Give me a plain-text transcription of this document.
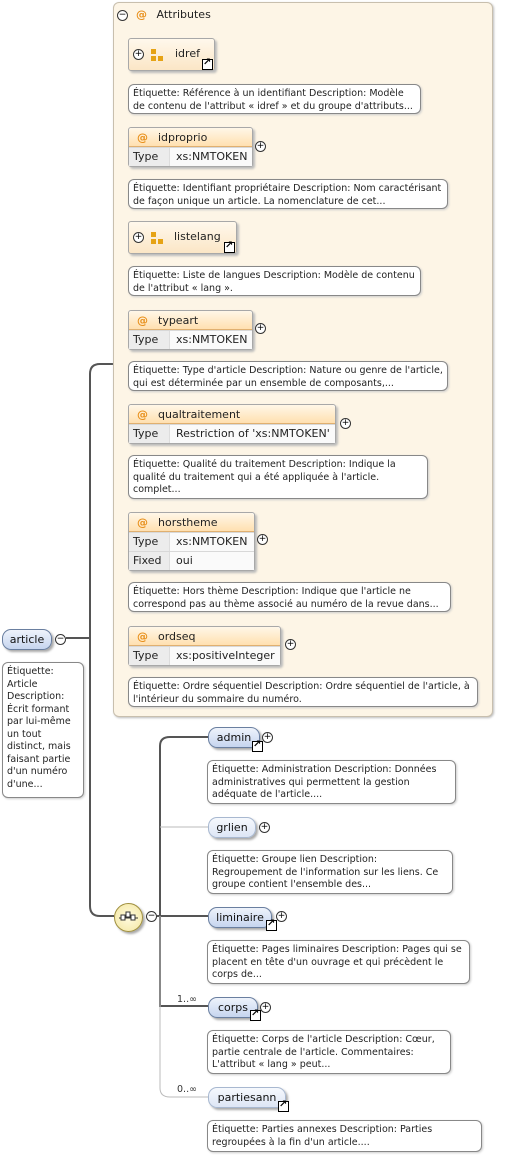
− @ Attributes
+	idref
↗
Étiquette: Référence à un identifiant Description: Modèle de contenu de l'attribut « idref » et du groupe d'attributs...
@ idproprio
Type	xs:NMTOKEN
+
Étiquette: Identifiant propriétaire Description: Nom caractérisant de façon unique un article. La nomenclature de cet...
+	listelang
↗
Étiquette: Liste de langues Description: Modèle de contenu de l'attribut « lang ».
@ typeart
Type	xs:NMTOKEN
+
Étiquette: Type d'article Description: Nature ou genre de l'article, qui est déterminée par un ensemble de composants,...
@ qualtraitement
Type	Restriction of 'xs:NMTOKEN'
+
Étiquette: Qualité du traitement Description: Indique la qualité du traitement qui a été appliquée à l'article. complet...
@ horstheme
Type	xs:NMTOKEN
Fixed	oui
+
Étiquette: Hors thème Description: Indique que l'article ne correspond pas au thème associé au numéro de la revue dans...
@ ordseq
Type	xs:positiveInteger
+
Étiquette: Ordre séquentiel Description: Ordre séquentiel de l'article, à l'intérieur du sommaire du numéro.
article	−
Étiquette: Article Description: Écrit formant par lui-même un tout distinct, mais faisant partie d'un numéro d'une...
−
admin
↗	+
Étiquette: Administration Description: Données administratives qui permettent la gestion adéquate de l'article....
grlien	+
Étiquette: Groupe lien Description: Regroupement de l'information sur les liens. Ce groupe contient l'ensemble des...
liminaire
↗	+
Étiquette: Pages liminaires Description: Pages qui se placent en tête d'un ouvrage et qui précèdent le corps de...
1..∞
corps
↗	+
Étiquette: Corps de l'article Description: Cœur, partie centrale de l'article. Commentaires: L'attribut « lang » peut...
0..∞
partiesann
↗
Étiquette: Parties annexes Description: Parties regroupées à la fin d'un article....
